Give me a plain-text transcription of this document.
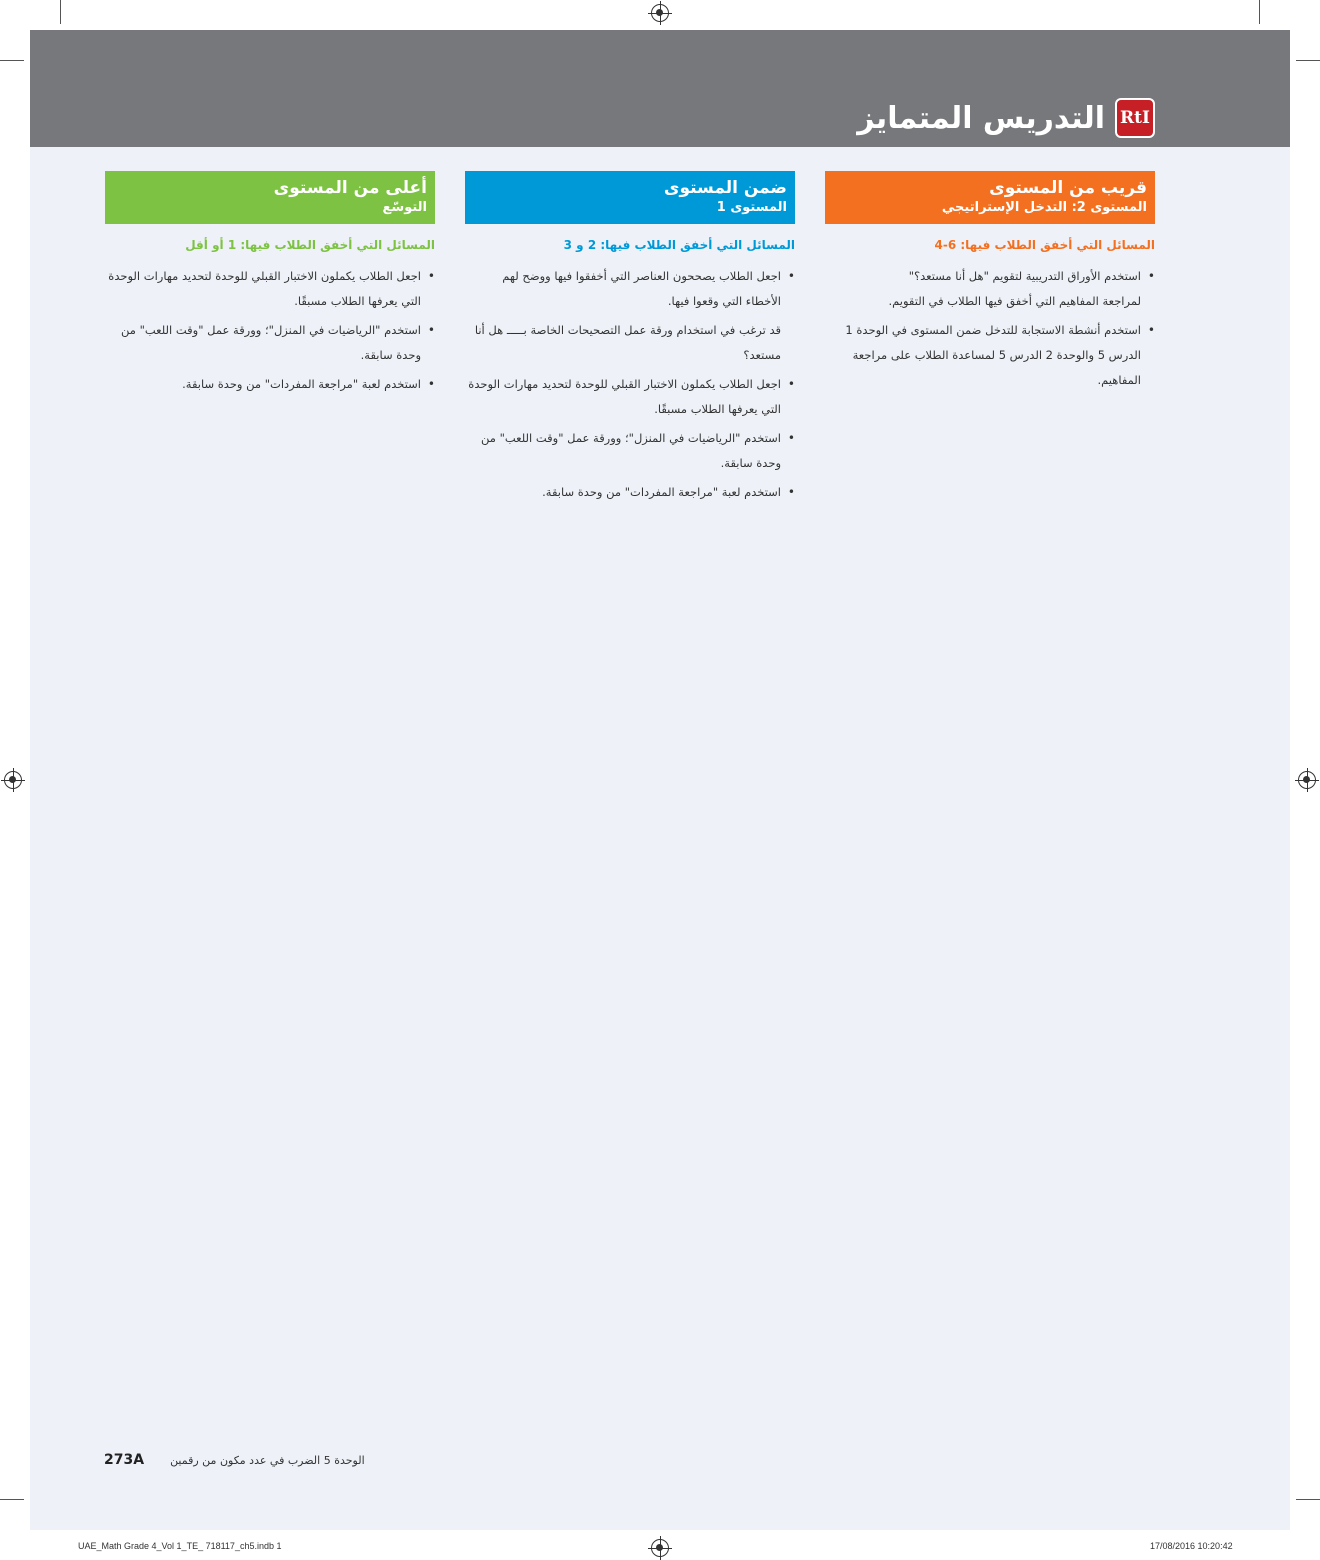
التدريس المتمايز RtI
قريب من المستوى
المستوى 2: التدخل الإستراتيجي
المسائل التي أخفق الطلاب فيها: 6-4
• استخدم الأوراق التدريبية لتقويم "هل أنا مستعد؟"
لمراجعة المفاهيم التي أخفق فيها الطلاب في التقويم.
• استخدم أنشطة الاستجابة للتدخل ضمن المستوى في الوحدة 1 الدرس 5 والوحدة 2 الدرس 5 لمساعدة الطلاب على مراجعة المفاهيم.
ضمن المستوى
المستوى 1
المسائل التي أخفق الطلاب فيها: 2 و 3
• اجعل الطلاب يصححون العناصر التي أخفقوا فيها ووضح لهم الأخطاء التي وقعوا فيها.
قد ترغب في استخدام ورقة عمل التصحيحات الخاصة بـــــ هل أنا مستعد؟
• اجعل الطلاب يكملون الاختبار القبلي للوحدة لتحديد مهارات الوحدة التي يعرفها الطلاب مسبقًا.
• استخدم "الرياضيات في المنزل"؛ وورقة عمل "وقت اللعب" من وحدة سابقة.
• استخدم لعبة "مراجعة المفردات" من وحدة سابقة.
أعلى من المستوى
التوسّع
المسائل التي أخفق الطلاب فيها: 1 أو أقل
• اجعل الطلاب يكملون الاختبار القبلي للوحدة لتحديد مهارات الوحدة التي يعرفها الطلاب مسبقًا.
• استخدم "الرياضيات في المنزل"؛ وورقة عمل "وقت اللعب" من وحدة سابقة.
• استخدم لعبة "مراجعة المفردات" من وحدة سابقة.
273A الوحدة 5 الضرب في عدد مكون من رقمين
UAE_Math Grade 4_Vol 1_TE_ 718117_ch5.indb 1	17/08/2016 10:20:42
